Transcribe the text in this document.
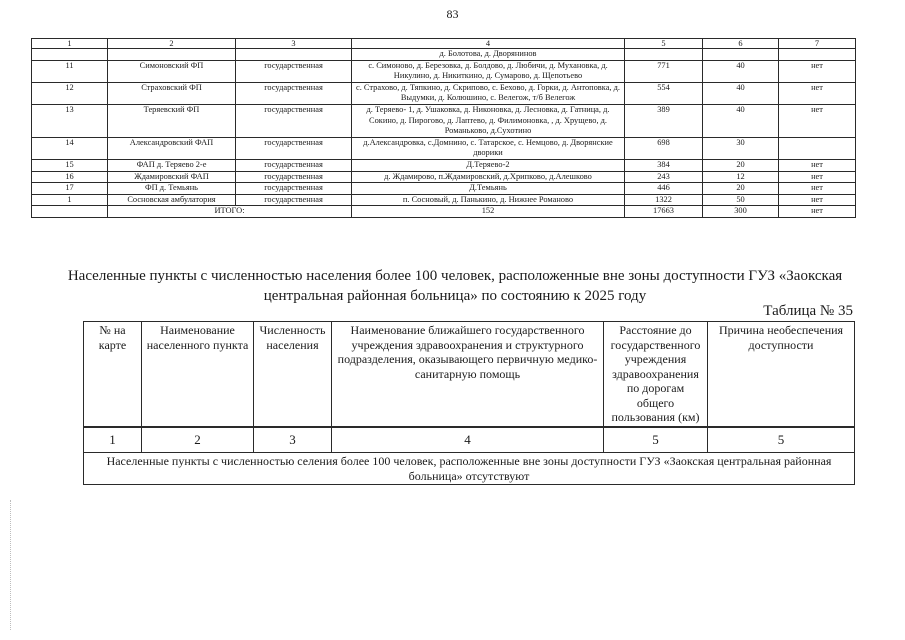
83
1	2	3	4	5	6	7
			д. Болотова, д. Дворянинов			
11	Симоновский ФП	государственная	с. Симоново, д. Березовка, д. Болдово, д. Любичи, д. Мухановка, д. Никулино, д. Никиткино, д. Сумарово, д. Щепотьево	771	40	нет
12	Страховский ФП	государственная	с. Страхово, д. Тяпкино, д. Скрипово, с. Бехово, д. Горки, д. Антоповка, д. Выдумки, д. Колюшино, с. Велегож, т/б Велегож	554	40	нет
13	Теряевский ФП	государственная	д. Теряево- 1, д. Ушаковка, д. Никоновка, д. Лесновка, д. Гатница, д. Сокино, д. Пирогово, д. Лаптево, д. Филимоновка, , д. Хрущево, д. Романьково, д.Сухотино	389	40	нет
14	Александровский ФАП	государственная	д.Александровка, с.Домнино, с. Татарское, с. Немцово, д. Дворянские дворики	698	30	
15	ФАП д. Теряево 2-е	государственная	Д.Теряево-2	384	20	нет
16	Ждамировский ФАП	государственная	д. Ждамирово, п.Ждамировский, д.Хрипково, д.Алешково	243	12	нет
17	ФП д. Темьянь	государственная	Д.Темьянь	446	20	нет
1	Сосновская амбулатория	государственная	п. Сосновый, д. Панькино, д. Нижнее Романово	1322	50	нет
	ИТОГО:		152	17663	300	нет
Населенные пункты с численностью населения более 100 человек, расположенные вне зоны доступности ГУЗ «Заокская центральная районная больница» по состоянию к 2025 году
Таблица № 35
№ на карте	Наименование населенного пункта	Численность населения	Наименование ближайшего государственного учреждения здравоохранения и структурного подразделения, оказывающего первичную медико-санитарную помощь	Расстояние до государственного учреждения здравоохранения по дорогам общего пользования (км)	Причина необеспечения доступности
1	2	3	4	5	5
Населенные пункты с численностью селения более 100 человек, расположенные вне зоны доступности ГУЗ «Заокская центральная районная больница» отсутствуют					
